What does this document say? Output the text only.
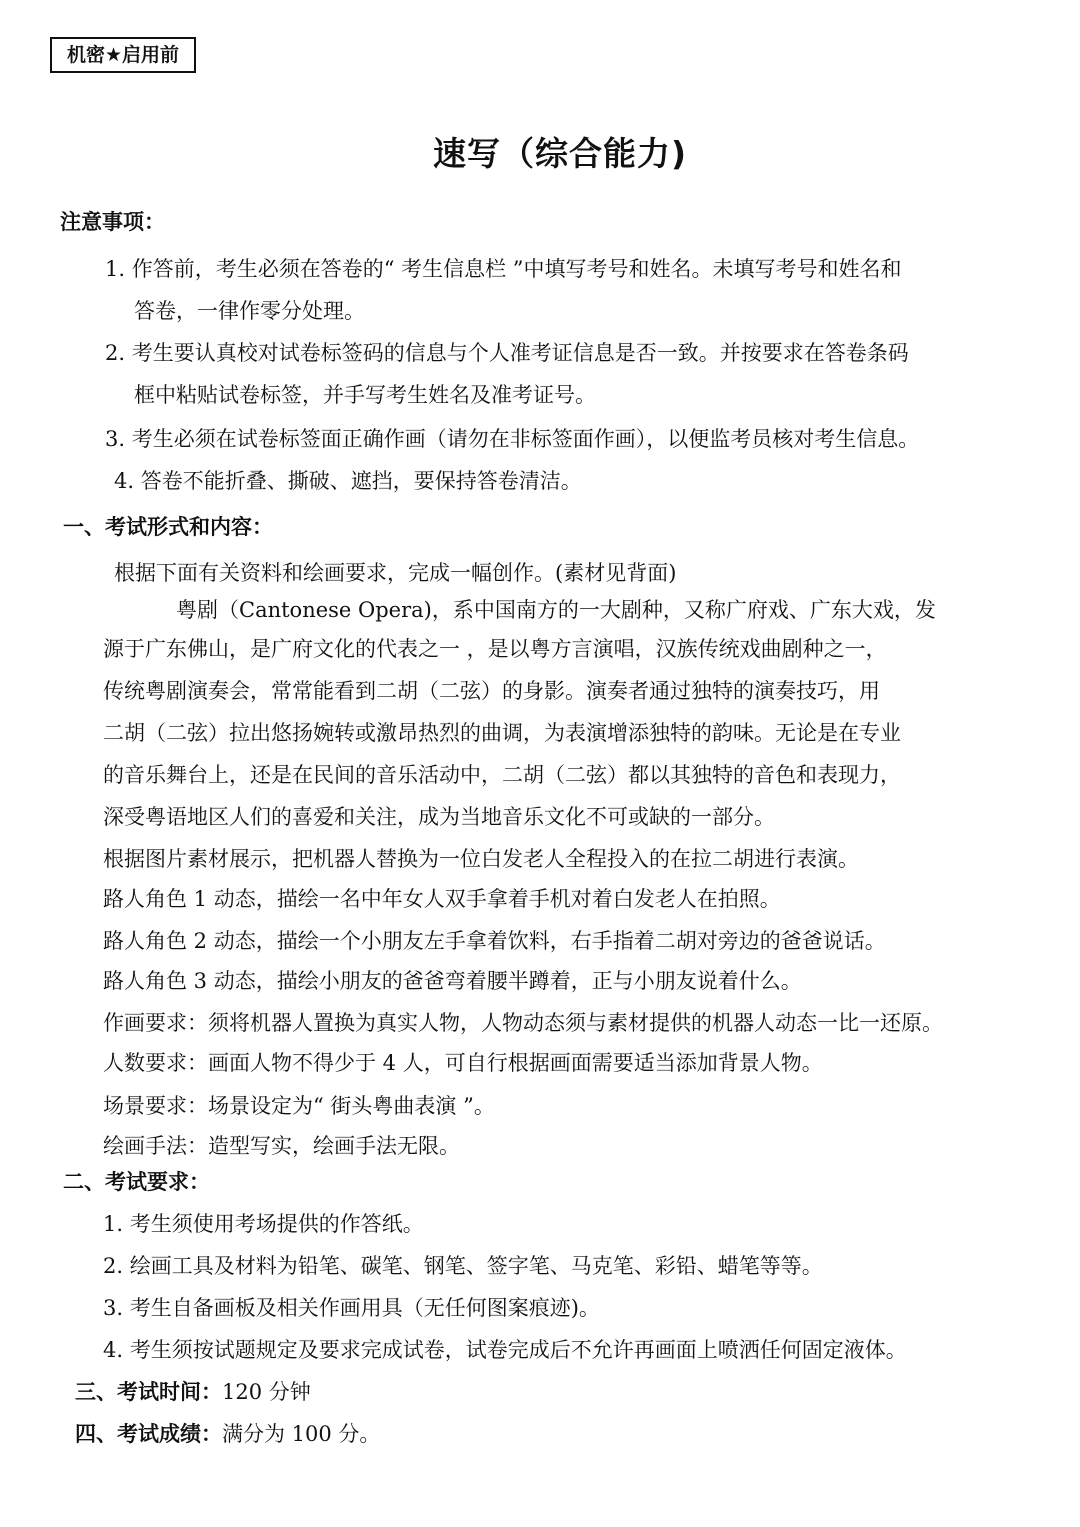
机密★启用前
速写（综合能力)
注意事项：
1. 作答前，考生必须在答卷的“ 考生信息栏 ”中填写考号和姓名。未填写考号和姓名和
答卷，一律作零分处理。
2. 考生要认真校对试卷标签码的信息与个人准考证信息是否一致。并按要求在答卷条码
框中粘贴试卷标签，并手写考生姓名及准考证号。
3. 考生必须在试卷标签面正确作画（请勿在非标签面作画），以便监考员核对考生信息。
4. 答卷不能折叠、撕破、遮挡，要保持答卷清洁。
一、考试形式和内容：
根据下面有关资料和绘画要求，完成一幅创作。(素材见背面)
粤剧（Cantonese Opera)，系中国南方的一大剧种，又称广府戏、广东大戏，发
源于广东佛山，是广府文化的代表之一 ，是以粤方言演唱，汉族传统戏曲剧种之一，
传统粤剧演奏会，常常能看到二胡（二弦）的身影。演奏者通过独特的演奏技巧，用
二胡（二弦）拉出悠扬婉转或激昂热烈的曲调，为表演增添独特的韵味。无论是在专业
的音乐舞台上，还是在民间的音乐活动中，二胡（二弦）都以其独特的音色和表现力，
深受粤语地区人们的喜爱和关注，成为当地音乐文化不可或缺的一部分。
根据图片素材展示，把机器人替换为一位白发老人全程投入的在拉二胡进行表演。
路人角色 1 动态，描绘一名中年女人双手拿着手机对着白发老人在拍照。
路人角色 2 动态，描绘一个小朋友左手拿着饮料，右手指着二胡对旁边的爸爸说话。
路人角色 3 动态，描绘小朋友的爸爸弯着腰半蹲着，正与小朋友说着什么。
作画要求：须将机器人置换为真实人物，人物动态须与素材提供的机器人动态一比一还原。
人数要求：画面人物不得少于 4 人，可自行根据画面需要适当添加背景人物。
场景要求：场景设定为“ 街头粤曲表演 ”。
绘画手法：造型写实，绘画手法无限。
二、考试要求：
1. 考生须使用考场提供的作答纸。
2. 绘画工具及材料为铅笔、碳笔、钢笔、签字笔、马克笔、彩铅、蜡笔等等。
3. 考生自备画板及相关作画用具（无任何图案痕迹)。
4. 考生须按试题规定及要求完成试卷，试卷完成后不允许再画面上喷洒任何固定液体。
三、考试时间：120 分钟
四、考试成绩：满分为 100 分。
